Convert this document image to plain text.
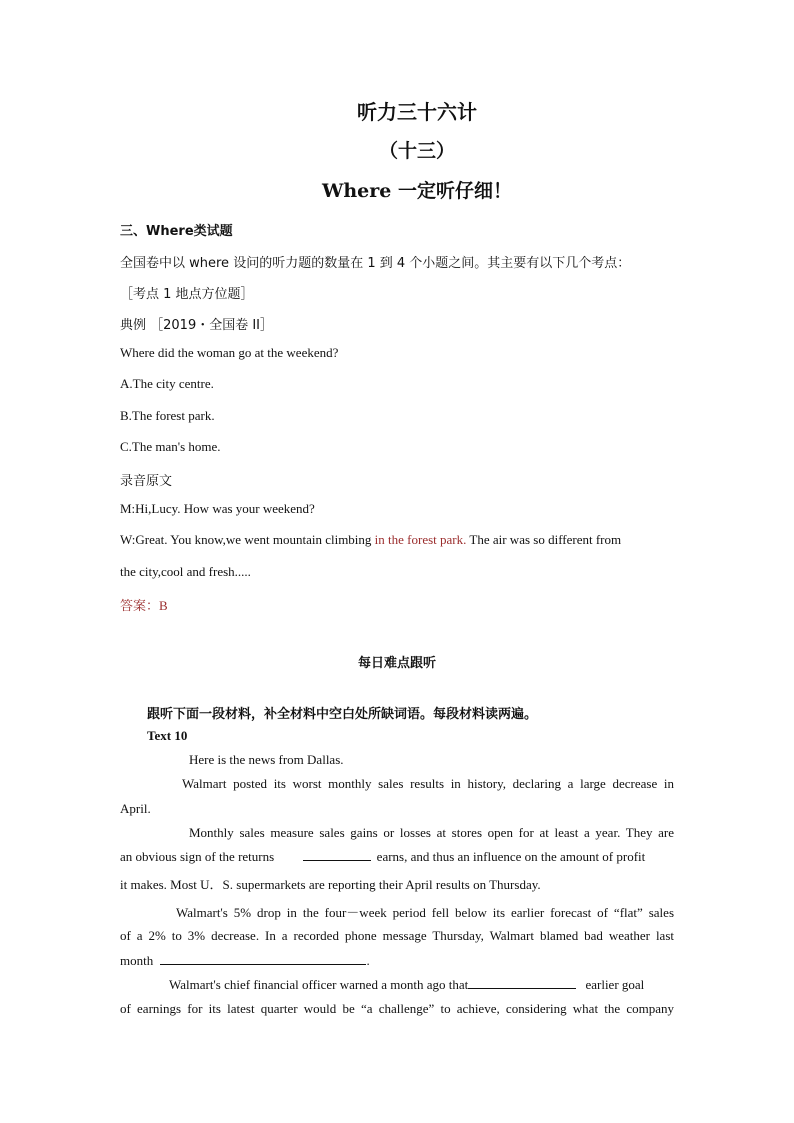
听力三十六计
（十三）
Where 一定听仔细！
三、Where类试题
全国卷中以 where 设问的听力题的数量在 1 到 4 个小题之间。其主要有以下几个考点：
［考点 1 地点方位题］
典例 ［2019・全国卷 II］
Where did the woman go at the weekend?
A.The city centre.
B.The forest park.
C.The man's home.
录音原文
M:Hi,Lucy. How was your weekend?
W:Great. You know,we went mountain climbing in the forest park. The air was so different from
the city,cool and fresh.....
答案：B
每日难点跟听
跟听下面一段材料，补全材料中空白处所缺词语。每段材料读两遍。
Text 10
Here is the news from Dallas.
Walmart posted its worst monthly sales results in history, declaring a large decrease in
April.
Monthly sales measure sales gains or losses at stores open for at least a year. They are
an obvious sign of the returns	earns, and thus an influence on the amount of profit
it makes. Most U．S. supermarkets are reporting their April results on Thursday.
Walmart's 5% drop in the four－week period fell below its earlier forecast of “flat” sales
of a 2% to 3% decrease. In a recorded phone message Thursday, Walmart blamed bad weather last
month	.
Walmart's chief financial officer warned a month ago that	earlier goal
of earnings for its latest quarter would be “a challenge” to achieve, considering what the company
